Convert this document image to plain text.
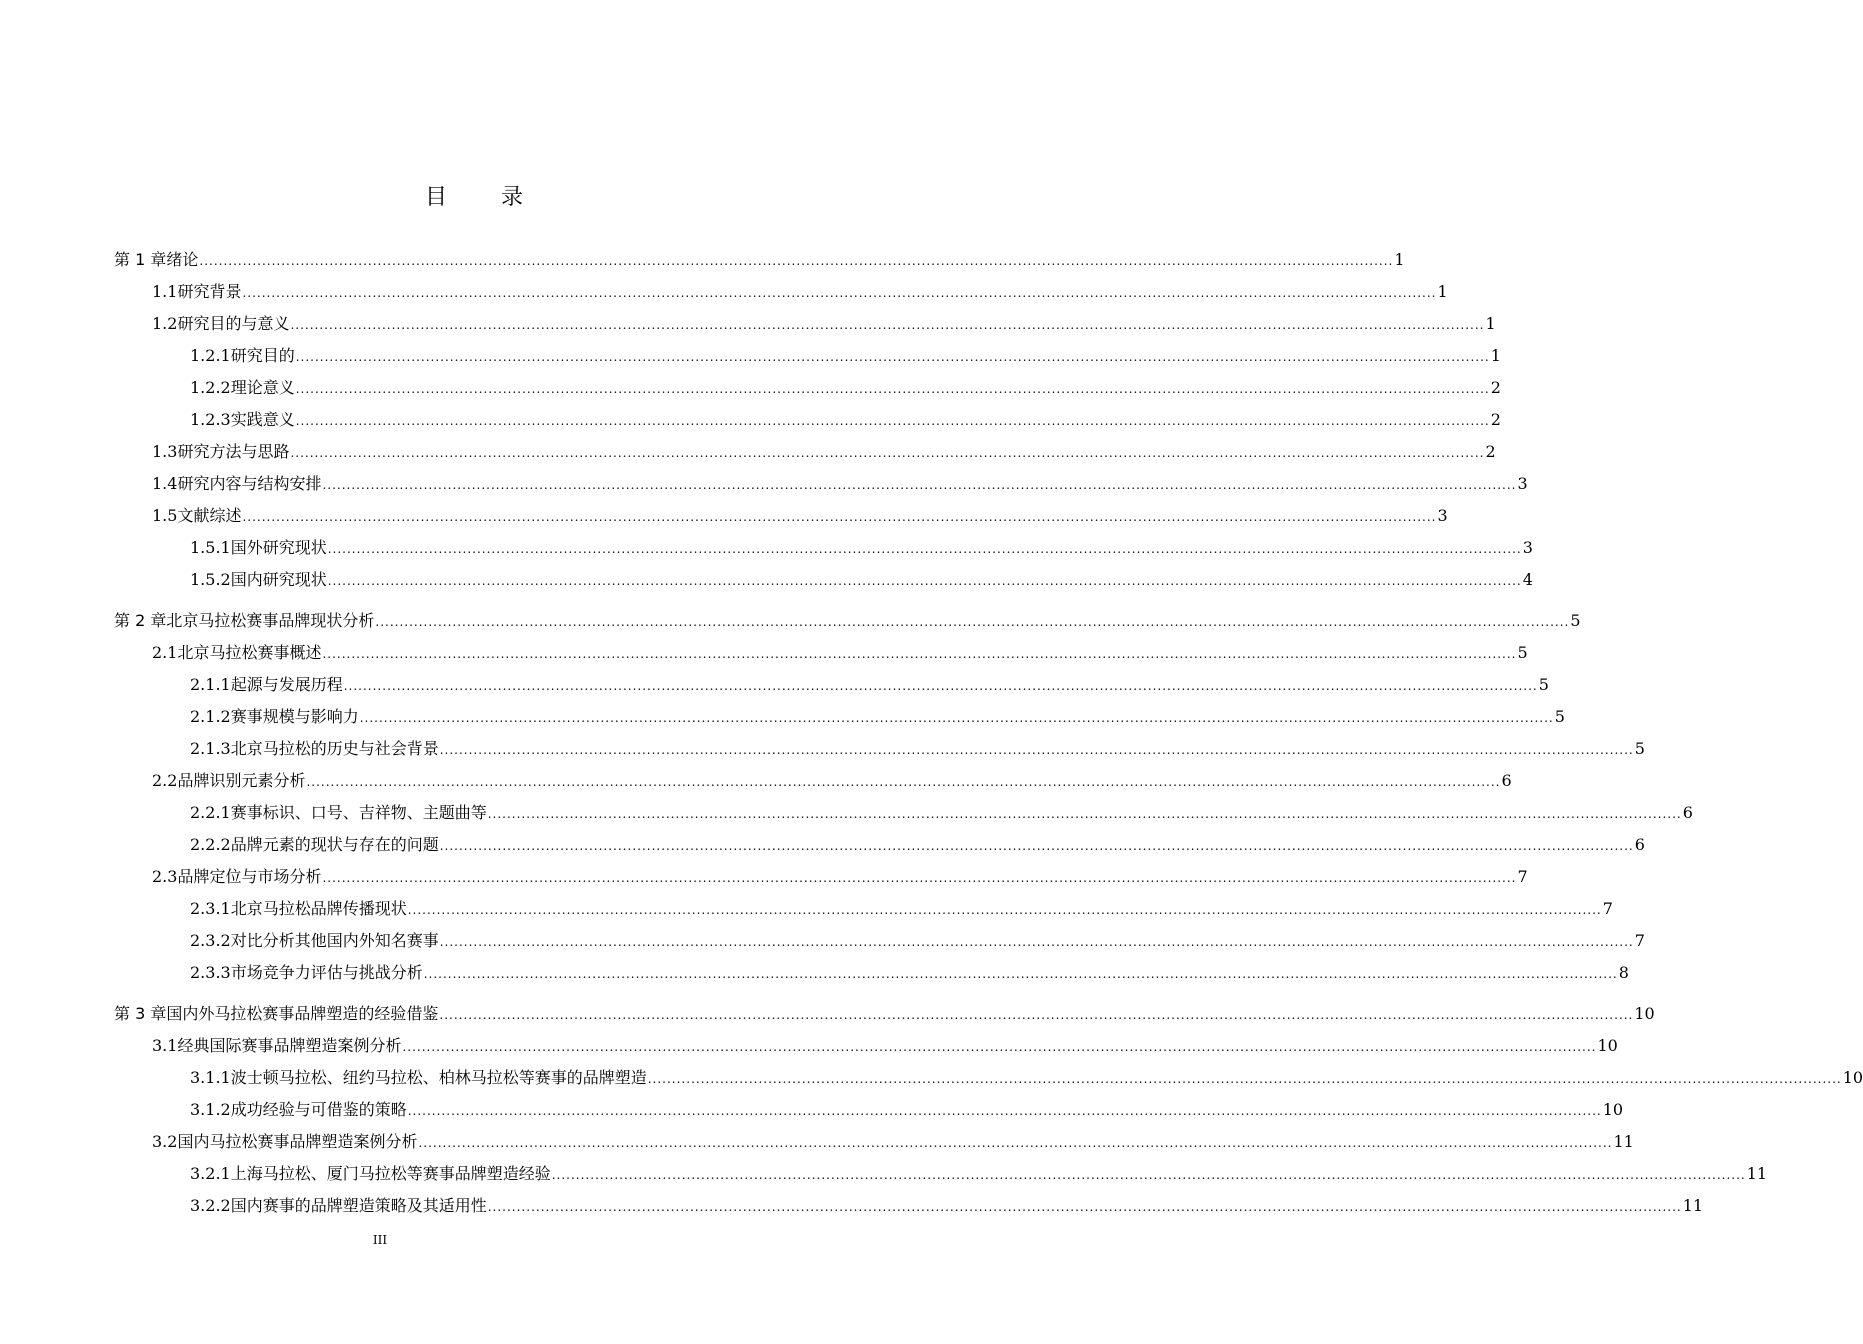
目 录
第 1 章 绪论 .....	1
1.1 研究背景 .....	1
1.2 研究目的与意义 .....	1
1.2.1 研究目的 .....	1
1.2.2 理论意义 .....	2
1.2.3 实践意义 .....	2
1.3 研究方法与思路 .....	2
1.4 研究内容与结构安排 .....	3
1.5 文献综述 .....	3
1.5.1 国外研究现状 .....	3
1.5.2 国内研究现状 .....	4
第 2 章 北京马拉松赛事品牌现状分析 .....	5
2.1 北京马拉松赛事概述 .....	5
2.1.1 起源与发展历程 .....	5
2.1.2 赛事规模与影响力 .....	5
2.1.3 北京马拉松的历史与社会背景 .....	5
2.2 品牌识别元素分析 .....	6
2.2.1 赛事标识、口号、吉祥物、主题曲等 .....	6
2.2.2 品牌元素的现状与存在的问题 .....	6
2.3 品牌定位与市场分析 .....	7
2.3.1 北京马拉松品牌传播现状 .....	7
2.3.2 对比分析其他国内外知名赛事 .....	7
2.3.3 市场竞争力评估与挑战分析 .....	8
第 3 章 国内外马拉松赛事品牌塑造的经验借鉴 .....	10
3.1 经典国际赛事品牌塑造案例分析 .....	10
3.1.1 波士顿马拉松、纽约马拉松、柏林马拉松等赛事的品牌塑造 .....	10
3.1.2 成功经验与可借鉴的策略 .....	10
3.2 国内马拉松赛事品牌塑造案例分析 .....	11
3.2.1 上海马拉松、厦门马拉松等赛事品牌塑造经验 .....	11
3.2.2 国内赛事的品牌塑造策略及其适用性 .....	11
III
